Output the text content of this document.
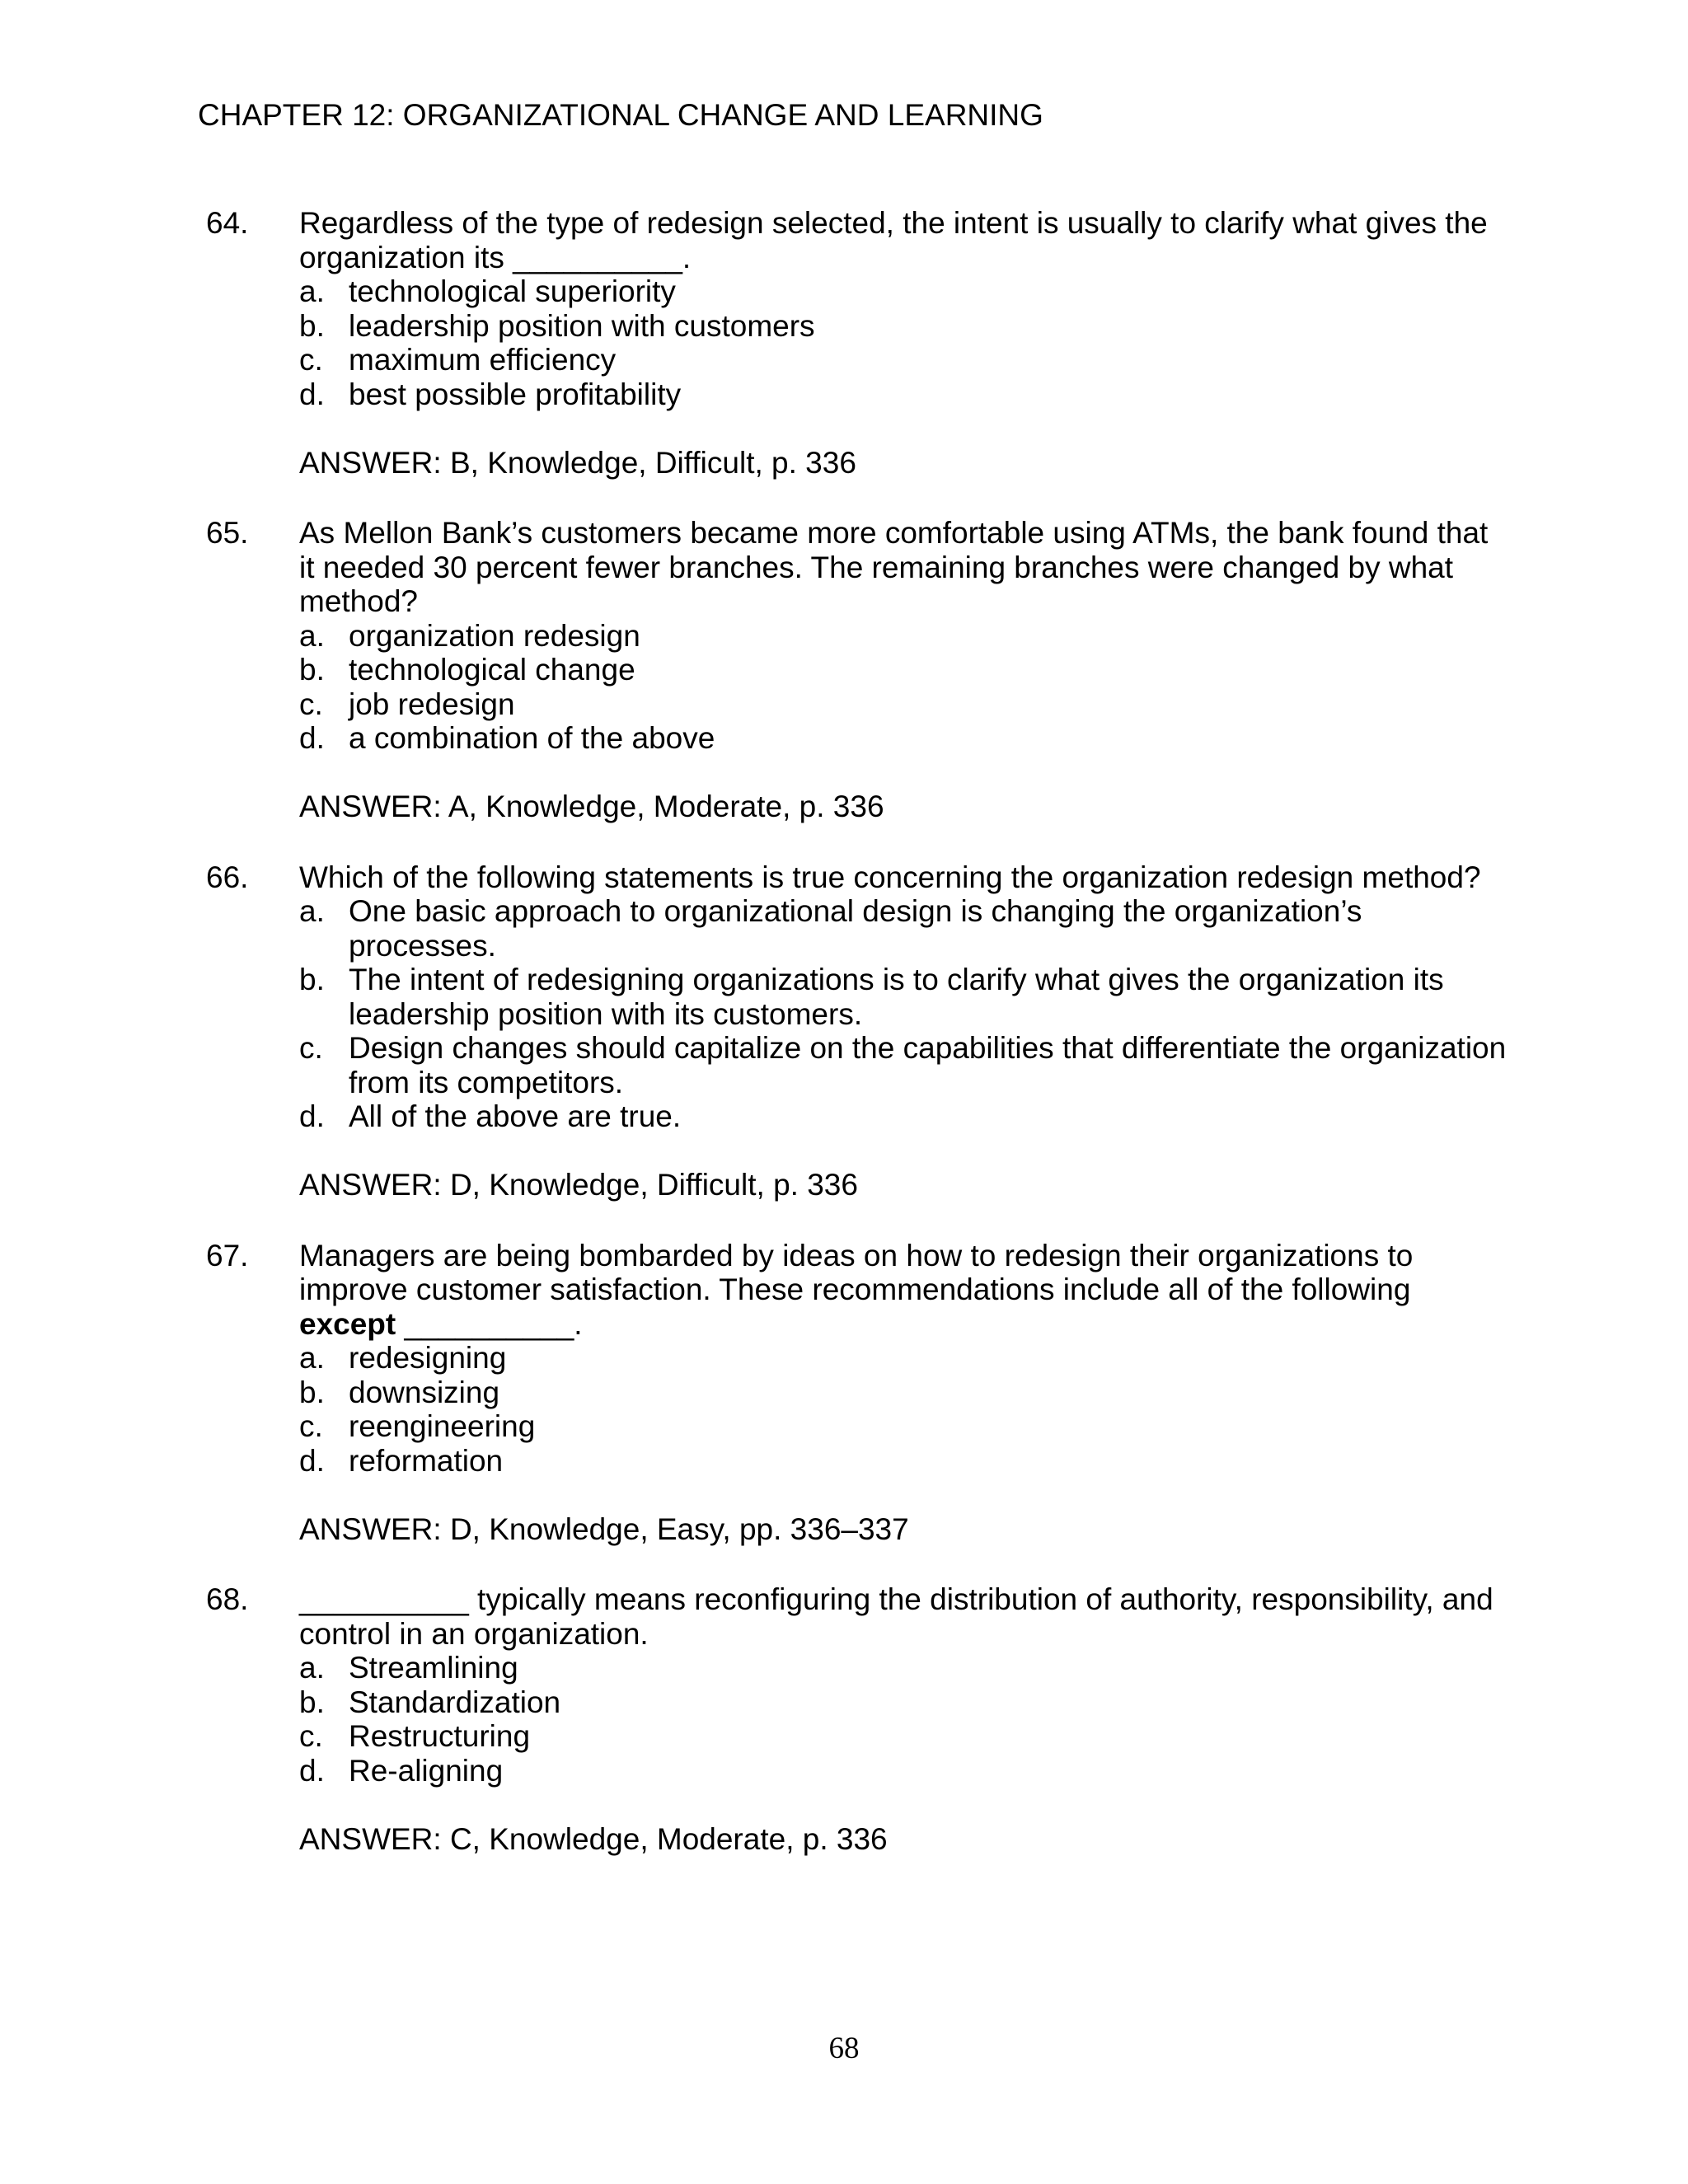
CHAPTER 12: ORGANIZATIONAL CHANGE AND LEARNING
64.	Regardless of the type of redesign selected, the intent is usually to clarify what gives the organization its __________.
a. technological superiority
b. leadership position with customers
c. maximum efficiency
d. best possible profitability
ANSWER: B, Knowledge, Difficult, p. 336
65.	As Mellon Bank’s customers became more comfortable using ATMs, the bank found that it needed 30 percent fewer branches. The remaining branches were changed by what method?
a. organization redesign
b. technological change
c. job redesign
d. a combination of the above
ANSWER: A, Knowledge, Moderate, p. 336
66.	Which of the following statements is true concerning the organization redesign method?
a. One basic approach to organizational design is changing the organization’s processes.
b. The intent of redesigning organizations is to clarify what gives the organization its leadership position with its customers.
c. Design changes should capitalize on the capabilities that differentiate the organization from its competitors.
d. All of the above are true.
ANSWER: D, Knowledge, Difficult, p. 336
67.	Managers are being bombarded by ideas on how to redesign their organizations to improve customer satisfaction. These recommendations include all of the following except __________.
a. redesigning
b. downsizing
c. reengineering
d. reformation
ANSWER: D, Knowledge, Easy, pp. 336–337
68.	__________ typically means reconfiguring the distribution of authority, responsibility, and control in an organization.
a. Streamlining
b. Standardization
c. Restructuring
d. Re-aligning
ANSWER: C, Knowledge, Moderate, p. 336
68
